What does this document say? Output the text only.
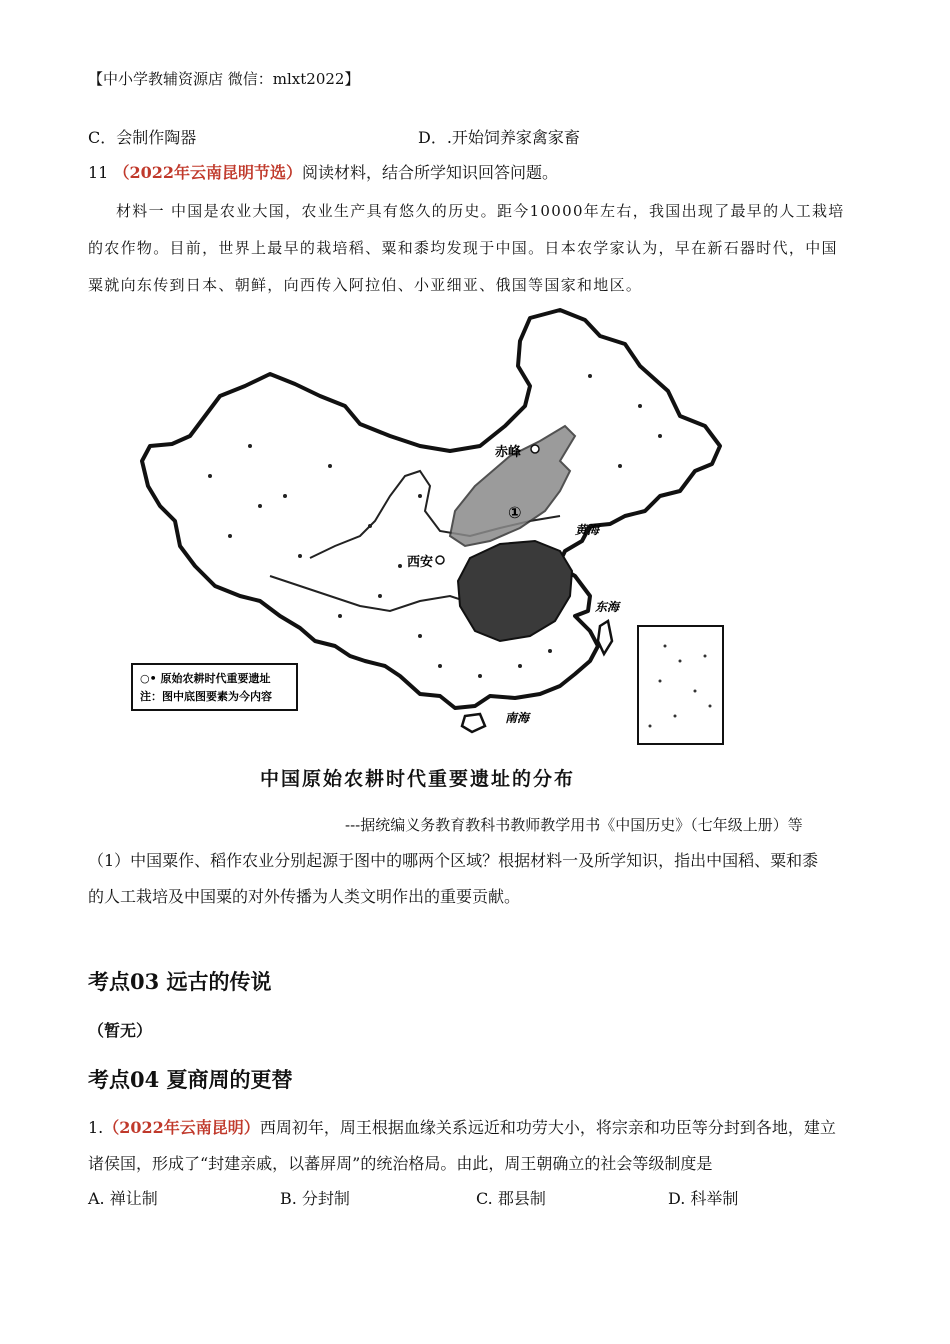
【中小学教辅资源店 微信：mlxt2022】
C．会制作陶器	D．.开始饲养家禽家畜
11 （2022年云南昆明节选）阅读材料，结合所学知识回答问题。
材料一 中国是农业大国，农业生产具有悠久的历史。距今10000年左右，我国出现了最早的人工栽培
的农作物。目前，世界上最早的栽培稻、粟和黍均发现于中国。日本农学家认为，早在新石器时代，中国
粟就向东传到日本、朝鲜，向西传入阿拉伯、小亚细亚、俄国等国家和地区。
赤峰
西安
①
黄海
东海
南海
○• 原始农耕时代重要遗址
注：图中底图要素为今内容
中国原始农耕时代重要遗址的分布
---据统编义务教育教科书教师教学用书《中国历史》（七年级上册）等
（1）中国粟作、稻作农业分别起源于图中的哪两个区域？根据材料一及所学知识，指出中国稻、粟和黍
的人工栽培及中国粟的对外传播为人类文明作出的重要贡献。
考点03 远古的传说
（暂无）
考点04 夏商周的更替
1.（2022年云南昆明）西周初年，周王根据血缘关系远近和功劳大小，将宗亲和功臣等分封到各地，建立
诸侯国，形成了“封建亲戚，以蕃屏周”的统治格局。由此，周王朝确立的社会等级制度是
A. 禅让制	B. 分封制	C. 郡县制	D. 科举制
